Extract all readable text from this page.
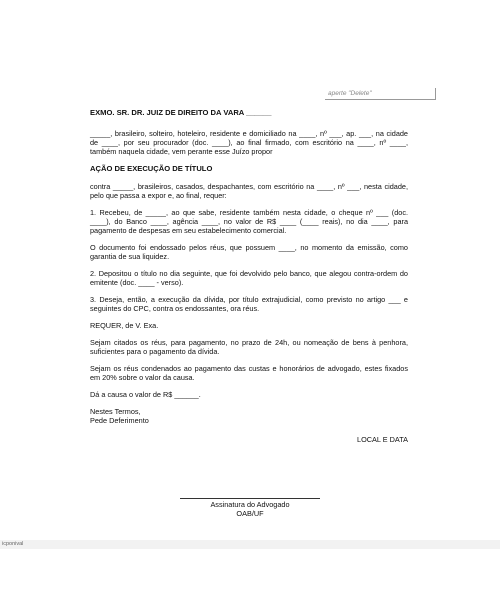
aperte "Delete"
EXMO. SR. DR. JUIZ DE DIREITO DA VARA ______

_____, brasileiro, solteiro, hoteleiro, residente e domiciliado na ____, nº ___, ap. ___, na cidade de ____, por seu procurador (doc. ____), ao final firmado, com escritório na ____, nº ____, também naquela cidade, vem perante esse Juízo propor

AÇÃO DE EXECUÇÃO DE TÍTULO

contra _____, brasileiros, casados, despachantes, com escritório na ____, nº ___, nesta cidade, pelo que passa a expor e, ao final, requer:

1. Recebeu, de _____, ao que sabe, residente também nesta cidade, o cheque nº ___ (doc. ____), do Banco ____, agência ____, no valor de R$ ____ (____ reais), no dia ____, para pagamento de despesas em seu estabelecimento comercial.

O documento foi endossado pelos réus, que possuem ____, no momento da emissão, como garantia de sua liquidez.

2. Depositou o título no dia seguinte, que foi devolvido pelo banco, que alegou contra-ordem do emitente (doc. ____ - verso).

3. Deseja, então, a execução da dívida, por título extrajudicial, como previsto no artigo ___ e seguintes do CPC, contra os endossantes, ora réus.

REQUER, de V. Exa.

Sejam citados os réus, para pagamento, no prazo de 24h, ou nomeação de bens à penhora, suficientes para o pagamento da dívida.

Sejam os réus condenados ao pagamento das custas e honorários de advogado, estes fixados em 20% sobre o valor da causa.

Dá a causa o valor de R$ ______.

Nestes Termos,
Pede Deferimento
LOCAL E DATA
Assinatura do Advogado
OAB/UF
icponival
